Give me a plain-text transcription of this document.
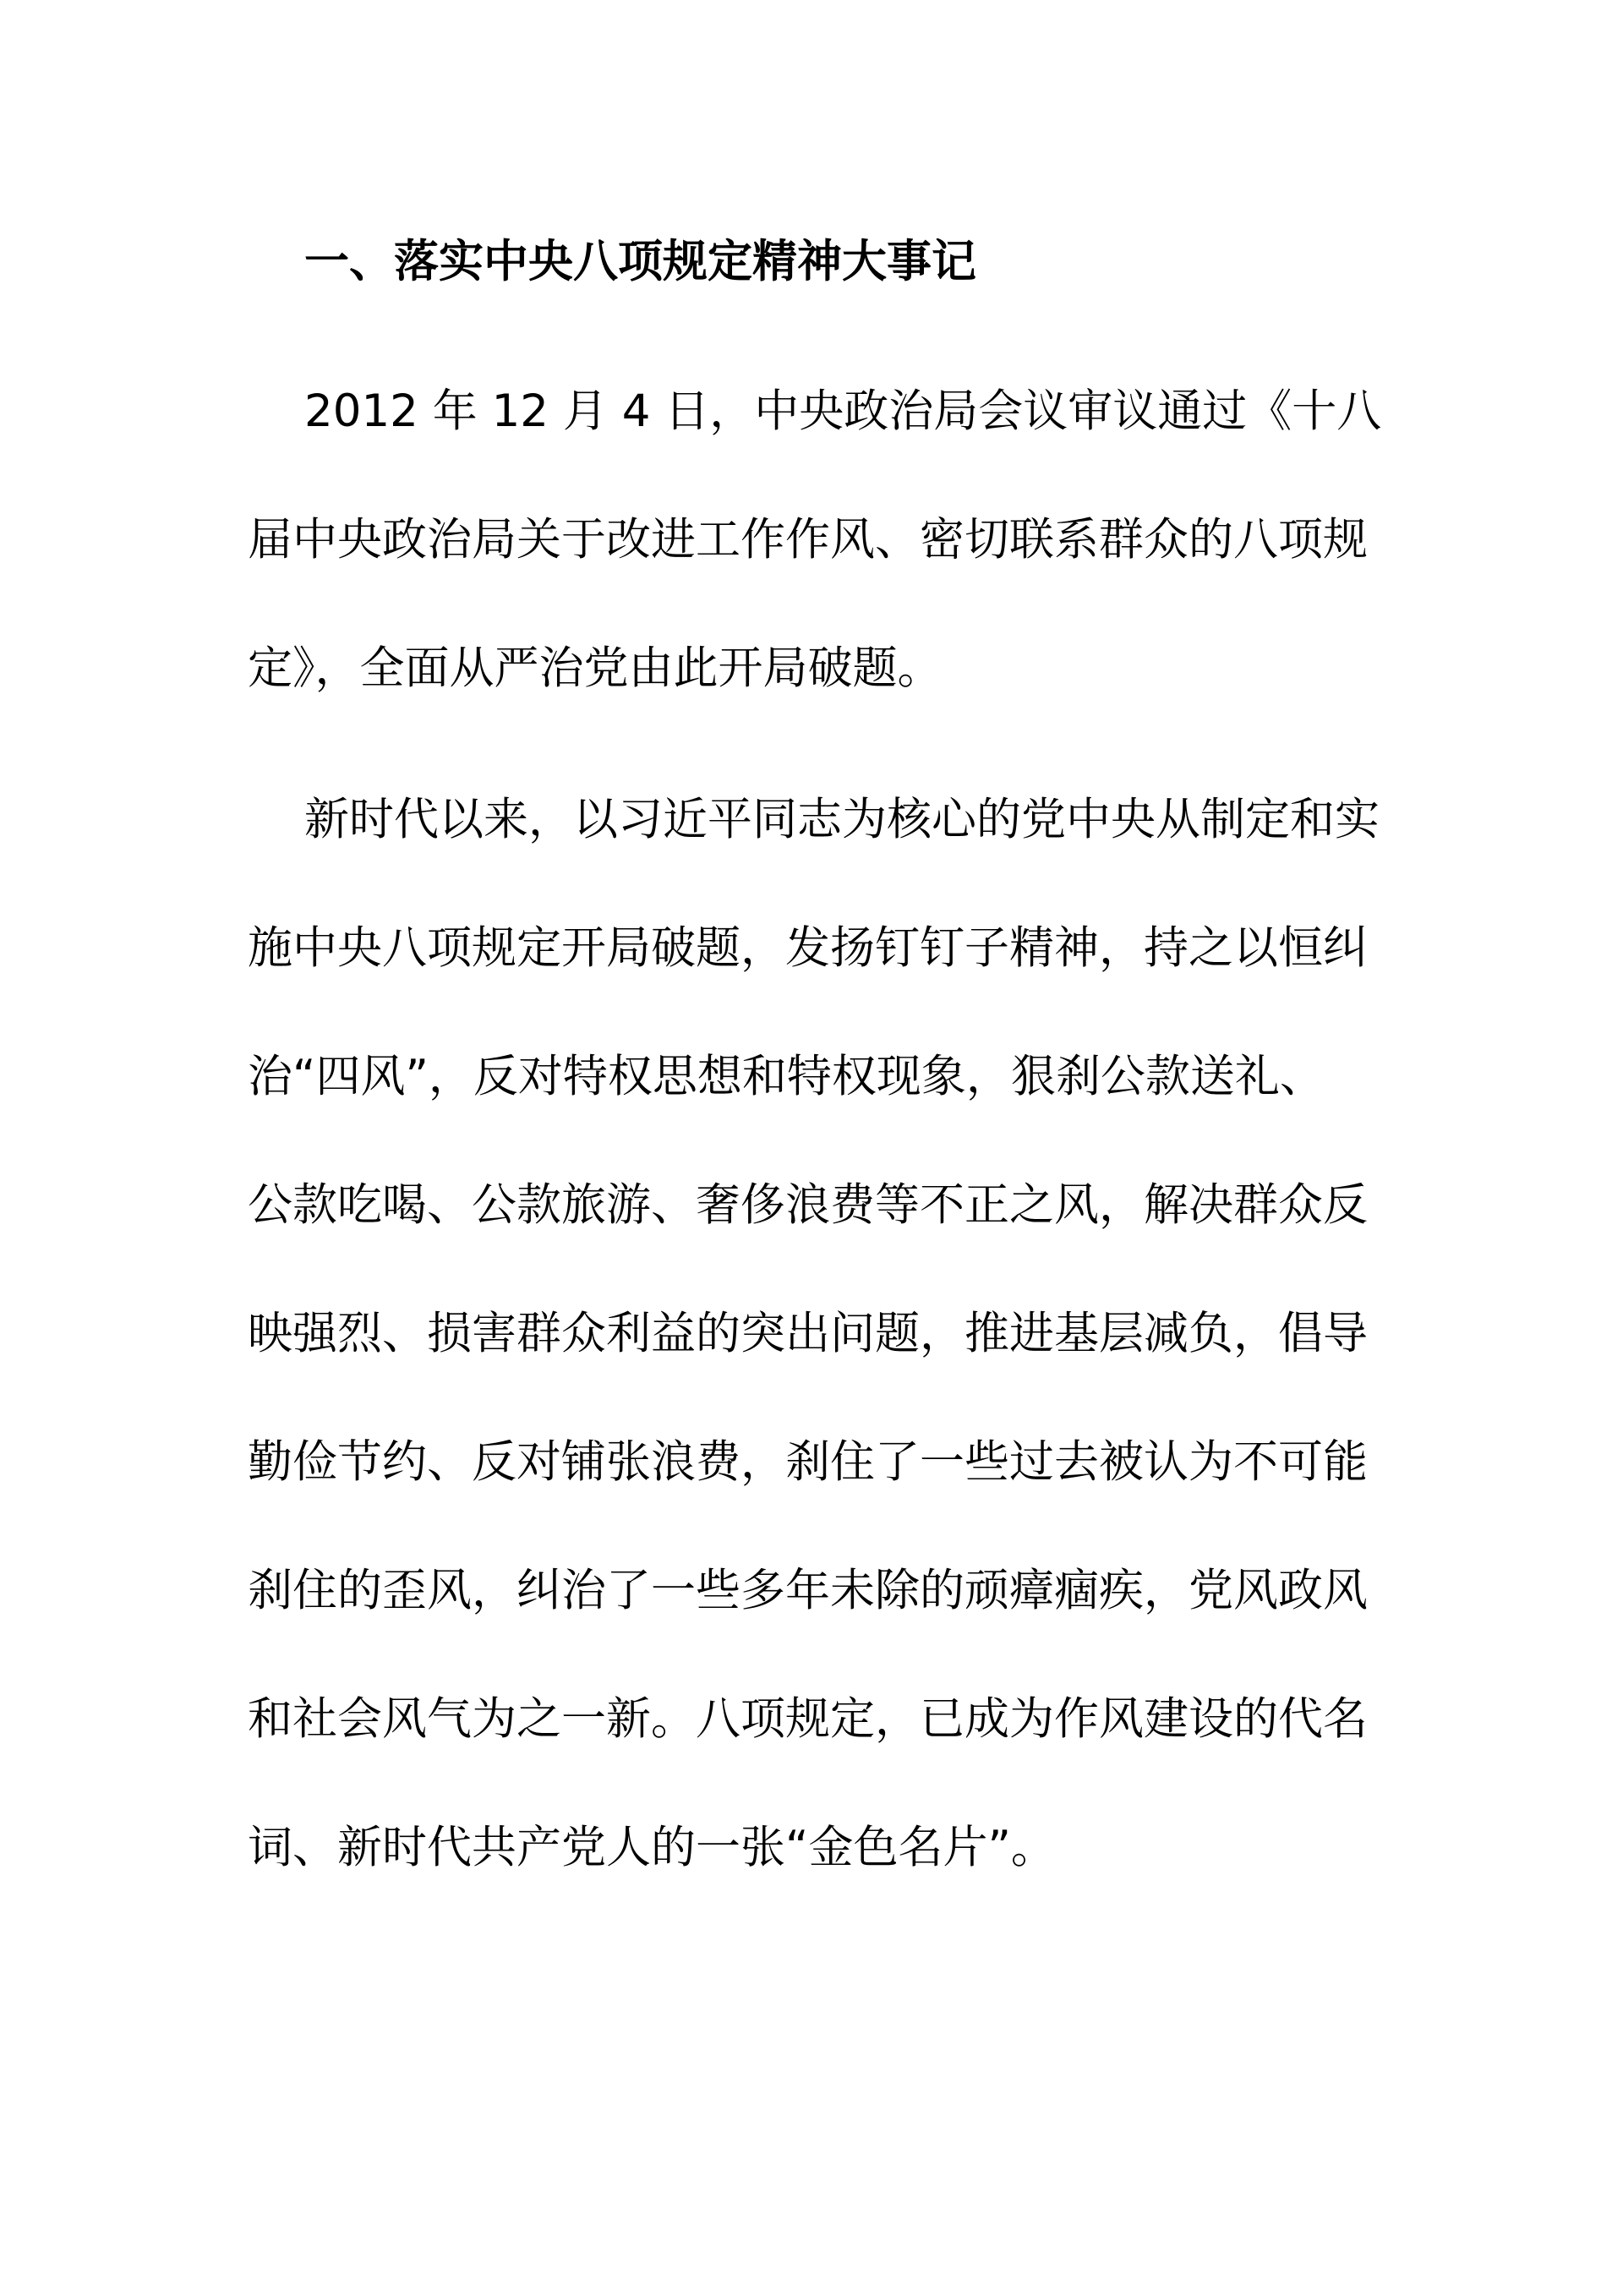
一、落实中央八项规定精神大事记
2012 年 12 月 4 日，中央政治局会议审议通过《十八
届中央政治局关于改进工作作风、密切联系群众的八项规
定》，全面从严治党由此开局破题。
新时代以来，以习近平同志为核心的党中央从制定和实
施中央八项规定开局破题，发扬钉钉子精神，持之以恒纠
治“四风”，反对特权思想和特权现象，狠刹公款送礼、
公款吃喝、公款旅游、奢侈浪费等不正之风，解决群众反
映强烈、损害群众利益的突出问题，推进基层减负，倡导
勤俭节约、反对铺张浪费，刹住了一些过去被认为不可能
刹住的歪风，纠治了一些多年未除的顽瘴痼疾，党风政风
和社会风气为之一新。八项规定，已成为作风建设的代名
词、新时代共产党人的一张“金色名片”。
